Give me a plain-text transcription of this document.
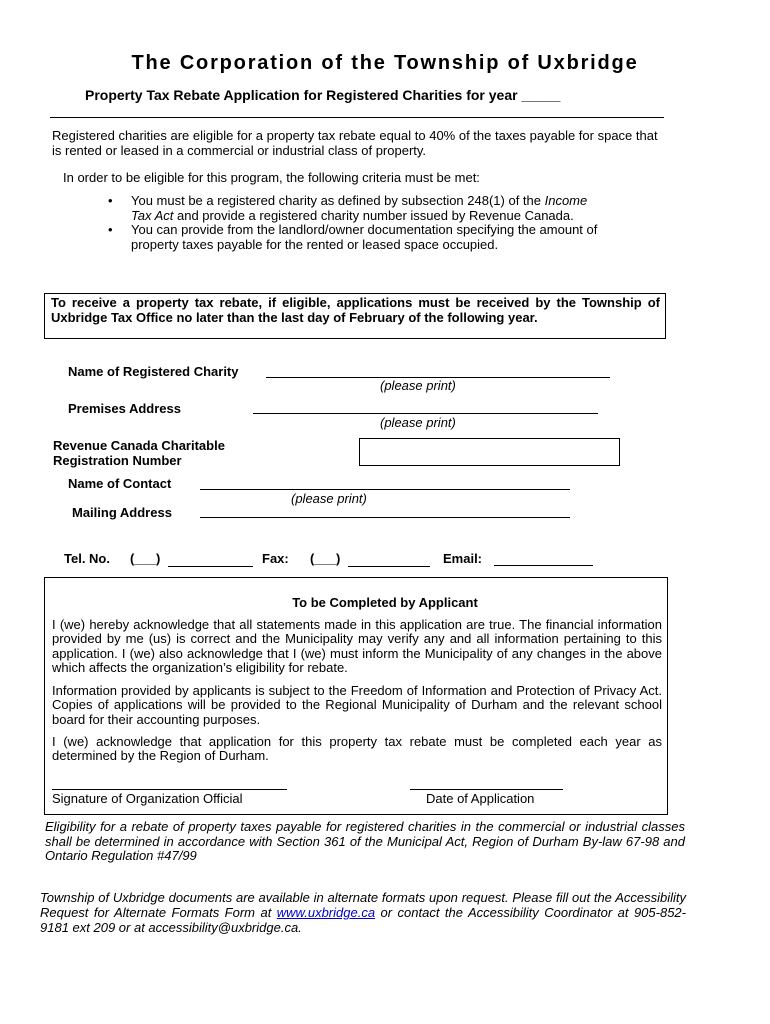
The Corporation of the Township of Uxbridge
Property Tax Rebate Application for Registered Charities for year _____
Registered charities are eligible for a property tax rebate equal to 40% of the taxes payable for space that is rented or leased in a commercial or industrial class of property.
In order to be eligible for this program, the following criteria must be met:
• You must be a registered charity as defined by subsection 248(1) of the Income Tax Act and provide a registered charity number issued by Revenue Canada.
• You can provide from the landlord/owner documentation specifying the amount of property taxes payable for the rented or leased space occupied.
To receive a property tax rebate, if eligible, applications must be received by the Township of Uxbridge Tax Office no later than the last day of February of the following year.
Name of Registered Charity
(please print)
Premises Address
(please print)
Revenue Canada Charitable
Registration Number
Name of Contact
(please print)
Mailing Address
Tel. No. (___)	Fax: (___)	Email:
To be Completed by Applicant
I (we) hereby acknowledge that all statements made in this application are true. The financial information provided by me (us) is correct and the Municipality may verify any and all information pertaining to this application. I (we) also acknowledge that I (we) must inform the Municipality of any changes in the above which affects the organization’s eligibility for rebate.
Information provided by applicants is subject to the Freedom of Information and Protection of Privacy Act. Copies of applications will be provided to the Regional Municipality of Durham and the relevant school board for their accounting purposes.
I (we) acknowledge that application for this property tax rebate must be completed each year as determined by the Region of Durham.
Signature of Organization Official	Date of Application
Eligibility for a rebate of property taxes payable for registered charities in the commercial or industrial classes shall be determined in accordance with Section 361 of the Municipal Act, Region of Durham By-law 67-98 and Ontario Regulation #47/99
Township of Uxbridge documents are available in alternate formats upon request. Please fill out the Accessibility Request for Alternate Formats Form at www.uxbridge.ca or contact the Accessibility Coordinator at 905-852-9181 ext 209 or at accessibility@uxbridge.ca.
